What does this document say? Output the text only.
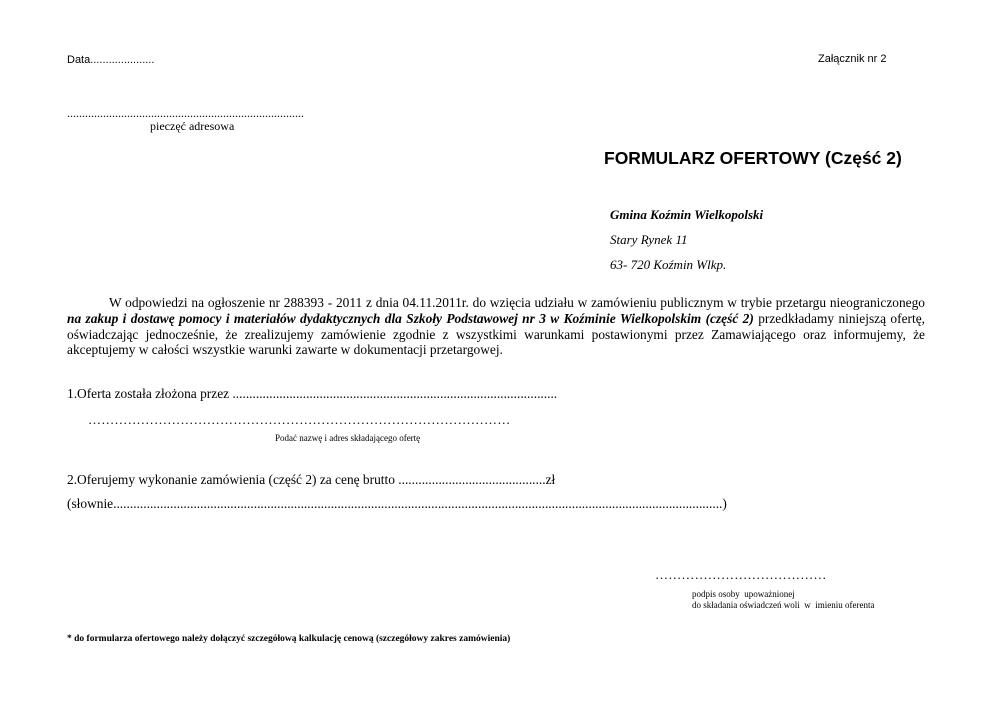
Data.....................	Załącznik nr 2
...............................................................................
pieczęć adresowa
FORMULARZ OFERTOWY (Część 2)
Gmina Koźmin Wielkopolski
Stary Rynek 11
63- 720 Koźmin Wlkp.
W odpowiedzi na ogłoszenie nr 288393 - 2011 z dnia 04.11.2011r. do wzięcia udziału w zamówieniu publicznym w trybie przetargu nieograniczonego na zakup i dostawę pomocy i materiałów dydaktycznych dla Szkoły Podstawowej nr 3 w Koźminie Wielkopolskim (część 2) przedkładamy niniejszą ofertę, oświadczając jednocześnie, że zrealizujemy zamówienie zgodnie z wszystkimi warunkami postawionymi przez Zamawiającego oraz informujemy, że akceptujemy w całości wszystkie warunki zawarte w dokumentacji przetargowej.
1.Oferta została złożona przez .................................................................................................
……………………………………………………………………………………
Podać nazwę i adres składającego ofertę
2.Oferujemy wykonanie zamówienia (część 2) za cenę brutto ............................................zł
(słownie......................................................................................................................................................................................)
…………………………………
podpis osoby  upoważnionej
do składania oświadczeń woli  w  imieniu oferenta
* do formularza ofertowego należy dołączyć szczegółową kalkulację cenową (szczegółowy zakres zamówienia)
